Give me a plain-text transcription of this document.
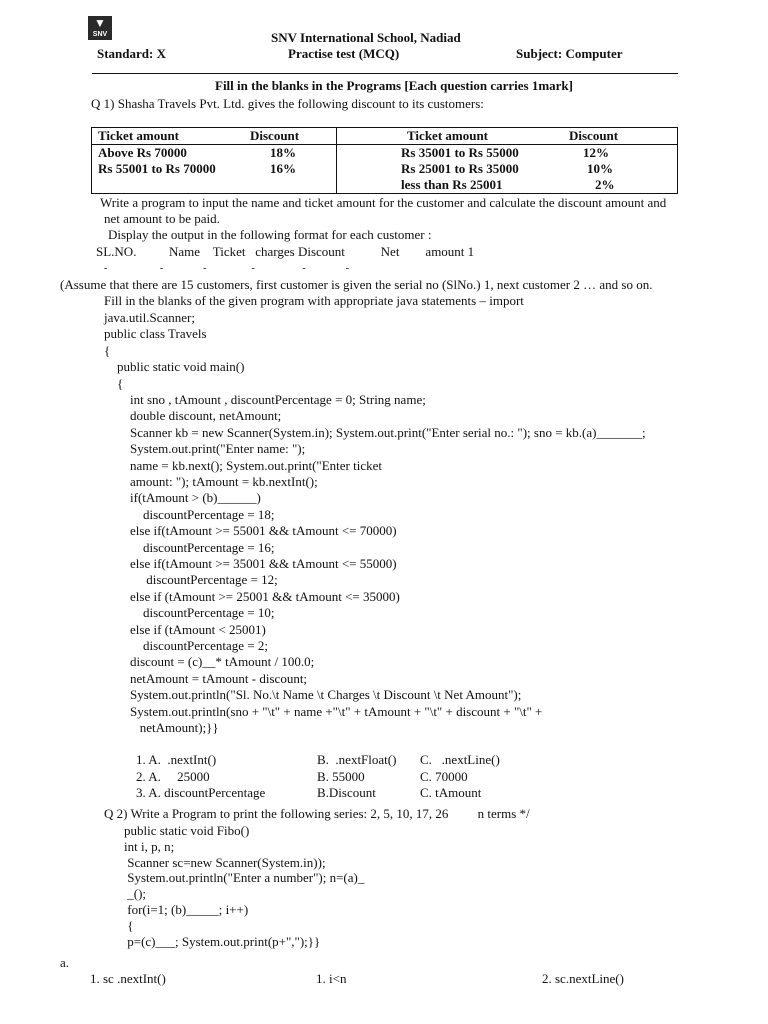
▼
SNV	SNV International School, Nadiad
Standard: X	Practise test (MCQ)	Subject: Computer
Fill in the blanks in the Programs [Each question carries 1mark]
Q 1) Shasha Travels Pvt. Ltd. gives the following discount to its customers:
Ticket amount	Discount	Ticket amount	Discount
Above Rs 70000	18%	Rs 35001 to Rs 55000	12%
Rs 55001 to Rs 70000	16%	Rs 25001 to Rs 35000	10%
		less than Rs 25001	2%
Write a program to input the name and ticket amount for the customer and calculate the discount amount and
net amount to be paid.
Display the output in the following format for each customer :
SL.NO.          Name    Ticket   charges Discount           Net        amount 1
-                     -                -                  -                   -                -
(Assume that there are 15 customers, first customer is given the serial no (SlNo.) 1, next customer 2 … and so on.
Fill in the blanks of the given program with appropriate java statements – import
java.util.Scanner;
public class Travels
{
public static void main()
{
int sno , tAmount , discountPercentage = 0; String name;
double discount, netAmount;
Scanner kb = new Scanner(System.in); System.out.print("Enter serial no.: "); sno = kb.(a)_______;
System.out.print("Enter name: ");
name = kb.next(); System.out.print("Enter ticket
amount: "); tAmount = kb.nextInt();
if(tAmount > (b)______)
discountPercentage = 18;
else if(tAmount >= 55001 && tAmount <= 70000)
discountPercentage = 16;
else if(tAmount >= 35001 && tAmount <= 55000)
discountPercentage = 12;
else if (tAmount >= 25001 && tAmount <= 35000)
discountPercentage = 10;
else if (tAmount < 25001)
discountPercentage = 2;
discount = (c)__* tAmount / 100.0;
netAmount = tAmount - discount;
System.out.println("Sl. No.\t Name \t Charges \t Discount \t Net Amount");
System.out.println(sno + "\t" + name +"\t" + tAmount + "\t" + discount + "\t" +
netAmount);}}
1. A.  .nextInt()	B.  .nextFloat() C.   .nextLine()
2. A.     25000	B. 55000	C. 70000
3. A. discountPercentage	B.Discount	C. tAmount
Q 2) Write a Program to print the following series: 2, 5, 10, 17, 26         n terms */
public static void Fibo()
int i, p, n;
Scanner sc=new Scanner(System.in));
System.out.println("Enter a number"); n=(a)_
_();
for(i=1; (b)_____; i++)
{
p=(c)___; System.out.print(p+",");}}
a.
1. sc .nextInt()	1. i<n	2. sc.nextLine()
